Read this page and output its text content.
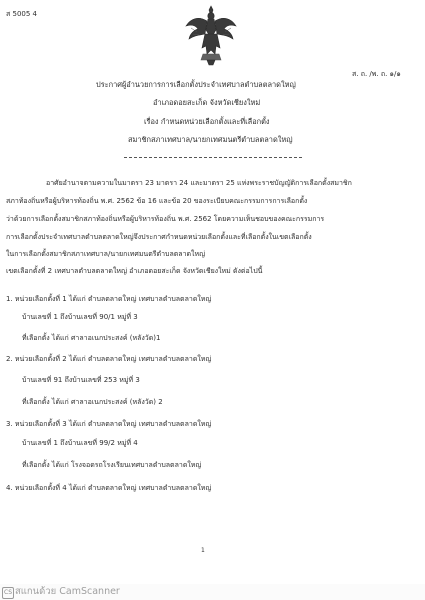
ส 5005 4
ส. ถ. /พ. ถ. ๑/๑
ประกาศผู้อำนวยการการเลือกตั้งประจำเทศบาลตำบลตลาดใหญ่
อำเภอดอยสะเก็ด จังหวัดเชียงใหม่
เรื่อง กำหนดหน่วยเลือกตั้งและที่เลือกตั้ง
สมาชิกสภาเทศบาล/นายกเทศมนตรีตำบลตลาดใหญ่
อาศัยอำนาจตามความในมาตรา 23 มาตรา 24 และมาตรา 25 แห่งพระราชบัญญัติการเลือกตั้งสมาชิก
สภาท้องถิ่นหรือผู้บริหารท้องถิ่น พ.ศ. 2562 ข้อ 16 และข้อ 20 ของระเบียบคณะกรรมการการเลือกตั้ง
ว่าด้วยการเลือกตั้งสมาชิกสภาท้องถิ่นหรือผู้บริหารท้องถิ่น พ.ศ. 2562 โดยความเห็นชอบของคณะกรรมการ
การเลือกตั้งประจำเทศบาลตำบลตลาดใหญ่จึงประกาศกำหนดหน่วยเลือกตั้งและที่เลือกตั้งในเขตเลือกตั้ง
ในการเลือกตั้งสมาชิกสภาเทศบาล/นายกเทศมนตรีตำบลตลาดใหญ่
เขตเลือกตั้งที่ 2 เทศบาลตำบลตลาดใหญ่ อำเภอดอยสะเก็ด จังหวัดเชียงใหม่ ดังต่อไปนี้
1. หน่วยเลือกตั้งที่ 1 ได้แก่ ตำบลตลาดใหญ่ เทศบาลตำบลตลาดใหญ่
บ้านเลขที่ 1 ถึงบ้านเลขที่ 90/1 หมู่ที่ 3
ที่เลือกตั้ง ได้แก่ ศาลาอเนกประสงค์ (หลังวัด)1
2. หน่วยเลือกตั้งที่ 2 ได้แก่ ตำบลตลาดใหญ่ เทศบาลตำบลตลาดใหญ่
บ้านเลขที่ 91 ถึงบ้านเลขที่ 253 หมู่ที่ 3
ที่เลือกตั้ง ได้แก่ ศาลาอเนกประสงค์ (หลังวัด) 2
3. หน่วยเลือกตั้งที่ 3 ได้แก่ ตำบลตลาดใหญ่ เทศบาลตำบลตลาดใหญ่
บ้านเลขที่ 1 ถึงบ้านเลขที่ 99/2 หมู่ที่ 4
ที่เลือกตั้ง ได้แก่ โรงจอดรถโรงเรียนเทศบาลตำบลตลาดใหญ่
4. หน่วยเลือกตั้งที่ 4 ได้แก่ ตำบลตลาดใหญ่ เทศบาลตำบลตลาดใหญ่
1
CS สแกนด้วย CamScanner
